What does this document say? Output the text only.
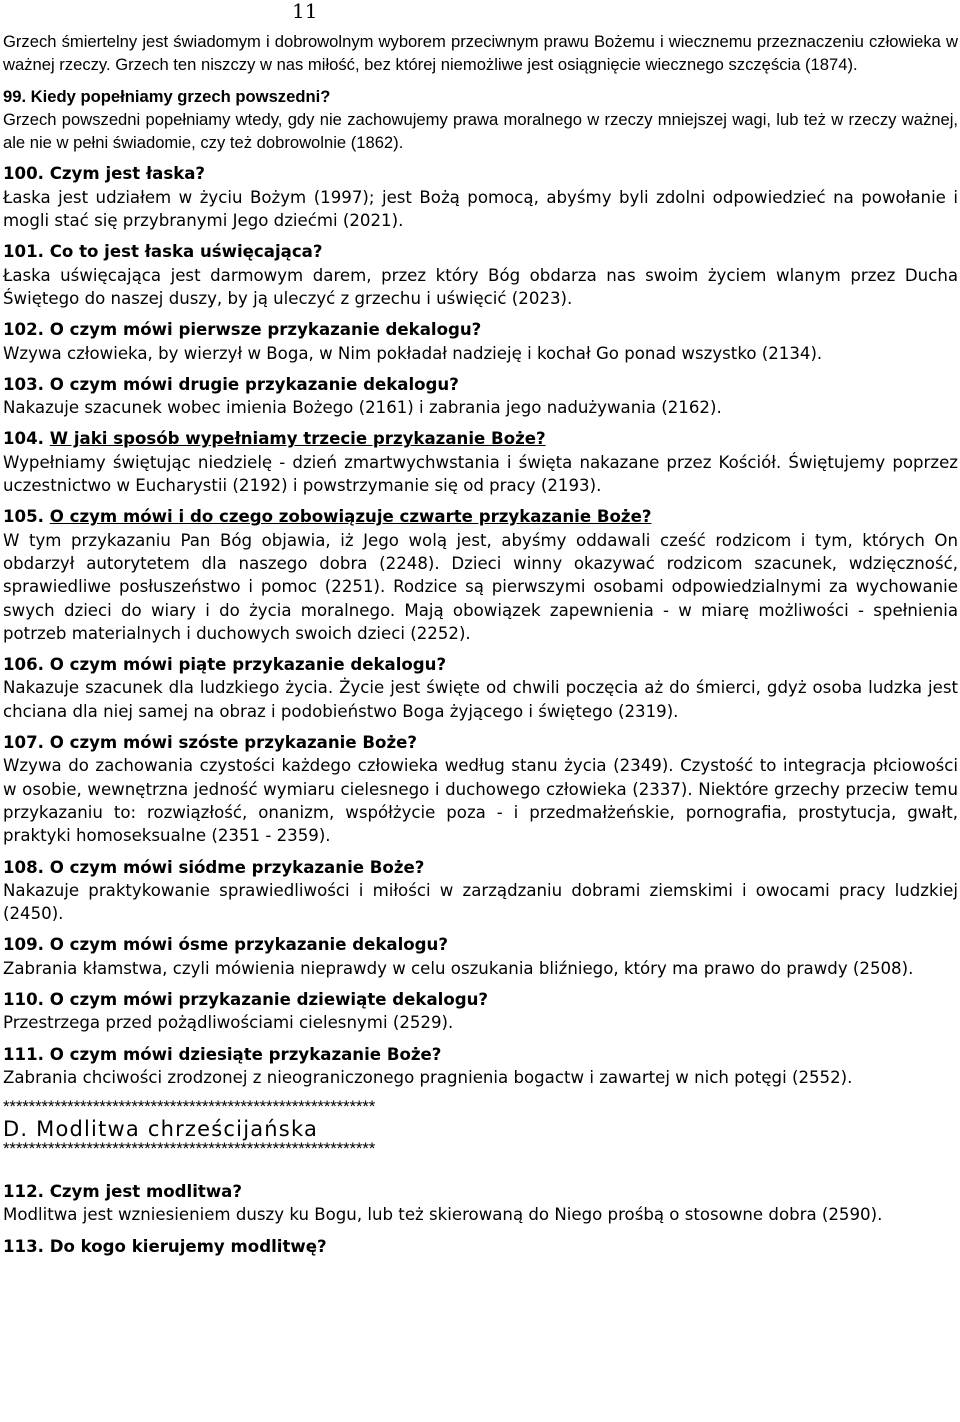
11

Grzech śmiertelny jest świadomym i dobrowolnym wyborem przeciwnym prawu Bożemu i wiecznemu przeznaczeniu człowieka w ważnej rzeczy. Grzech ten niszczy w nas miłość, bez której niemożliwe jest osiągnięcie wiecznego szczęścia (1874).

99. Kiedy popełniamy grzech powszedni?

Grzech powszedni popełniamy wtedy, gdy nie zachowujemy prawa moralnego w rzeczy mniejszej wagi, lub też w rzeczy ważnej, ale nie w pełni świadomie, czy też dobrowolnie (1862).

100. Czym jest łaska?

Łaska jest udziałem w życiu Bożym (1997); jest Bożą pomocą, abyśmy byli zdolni odpowiedzieć na powołanie i mogli stać się przybranymi Jego dziećmi (2021).

101. Co to jest łaska uświęcająca?

Łaska uświęcająca jest darmowym darem, przez który Bóg obdarza nas swoim życiem wlanym przez Ducha Świętego do naszej duszy, by ją uleczyć z grzechu i uświęcić (2023).

102. O czym mówi pierwsze przykazanie dekalogu?

Wzywa człowieka, by wierzył w Boga, w Nim pokładał nadzieję i kochał Go ponad wszystko (2134).

103. O czym mówi drugie przykazanie dekalogu?

Nakazuje szacunek wobec imienia Bożego (2161) i zabrania jego nadużywania (2162).

104. W jaki sposób wypełniamy trzecie przykazanie Boże?

Wypełniamy świętując niedzielę - dzień zmartwychwstania i święta nakazane przez Kościół. Świętujemy poprzez uczestnictwo w Eucharystii (2192) i powstrzymanie się od pracy (2193).

105. O czym mówi i do czego zobowiązuje czwarte przykazanie Boże?

W tym przykazaniu Pan Bóg objawia, iż Jego wolą jest, abyśmy oddawali cześć rodzicom i tym, których On obdarzył autorytetem dla naszego dobra (2248). Dzieci winny okazywać rodzicom szacunek, wdzięczność, sprawiedliwe posłuszeństwo i pomoc (2251). Rodzice są pierwszymi osobami odpowiedzialnymi za wychowanie swych dzieci do wiary i do życia moralnego. Mają obowiązek zapewnienia - w miarę możliwości - spełnienia potrzeb materialnych i duchowych swoich dzieci (2252).

106. O czym mówi piąte przykazanie dekalogu?

Nakazuje szacunek dla ludzkiego życia. Życie jest święte od chwili poczęcia aż do śmierci, gdyż osoba ludzka jest chciana dla niej samej na obraz i podobieństwo Boga żyjącego i świętego (2319).

107. O czym mówi szóste przykazanie Boże?

Wzywa do zachowania czystości każdego człowieka według stanu życia (2349). Czystość to integracja płciowości w osobie, wewnętrzna jedność wymiaru cielesnego i duchowego człowieka (2337). Niektóre grzechy przeciw temu przykazaniu to: rozwiązłość, onanizm, współżycie poza - i przedmałżeńskie, pornografia, prostytucja, gwałt, praktyki homoseksualne (2351 - 2359).

108. O czym mówi siódme przykazanie Boże?

Nakazuje praktykowanie sprawiedliwości i miłości w zarządzaniu dobrami ziemskimi i owocami pracy ludzkiej (2450).

109. O czym mówi ósme przykazanie dekalogu?

Zabrania kłamstwa, czyli mówienia nieprawdy w celu oszukania bliźniego, który ma prawo do prawdy (2508).

110. O czym mówi przykazanie dziewiąte dekalogu?

Przestrzega przed pożądliwościami cielesnymi (2529).

111. O czym mówi dziesiąte przykazanie Boże?

Zabrania chciwości zrodzonej z nieograniczonego pragnienia bogactw i zawartej w nich potęgi (2552).

**********************************************************
D. Modlitwa chrześcijańska
**********************************************************

112. Czym jest modlitwa?

Modlitwa jest wzniesieniem duszy ku Bogu, lub też skierowaną do Niego prośbą o stosowne dobra (2590).

113. Do kogo kierujemy modlitwę?
